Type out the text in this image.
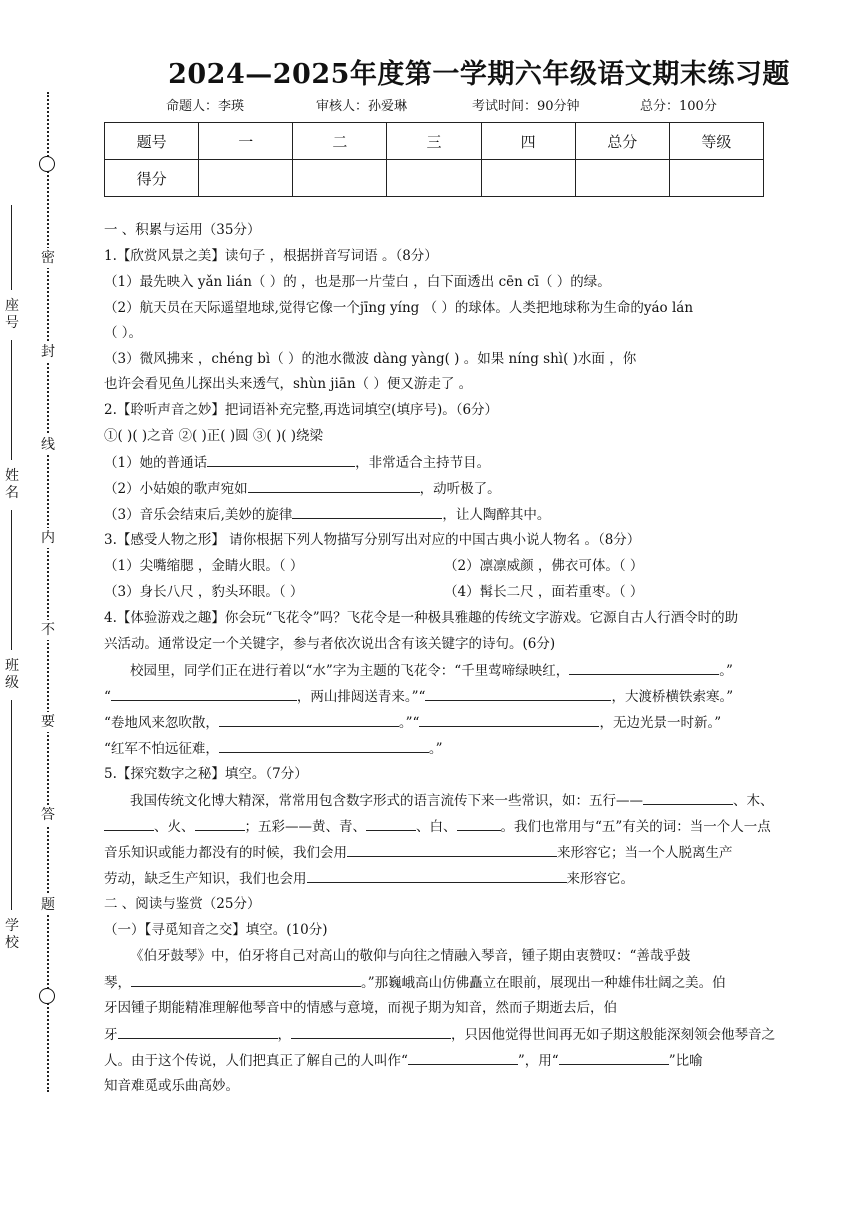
密
封
线
内
不
要
答
题
座号
姓名
班级
学校
2024—2025年度第一学期六年级语文期末练习题
命题人：李瑛	审核人：孙爱琳	考试时间：90分钟	总分：100分
题号	一	二	三	四	总分	等级
得分						
一 、积累与运用（35分）
1.【欣赏风景之美】读句子 ，根据拼音写词语 。（8分）
（1）最先映入 yǎn lián（ ）的 ，也是那一片莹白 ，白下面透出 cēn cī（ ）的绿。
（2）航天员在天际遥望地球,觉得它像一个jīng yíng （ ）的球体。人类把地球称为生命的yáo lán
（ ）。
（3）微风拂来 ，chéng bì（ ）的池水微波 dàng yàng( ) 。如果 níng shì( )水面 ，你
也许会看见鱼儿探出头来透气，shùn jiān（ ）便又游走了 。
2.【聆听声音之妙】把词语补充完整,再选词填空(填序号)。（6分）
①( )( )之音 ②( )正( )圆 ③( )( )绕梁
（1）她的普通话	，非常适合主持节目。
（2）小姑娘的歌声宛如	，动听极了。
（3）音乐会结束后,美妙的旋律	，让人陶醉其中。
3.【感受人物之形】 请你根据下列人物描写分别写出对应的中国古典小说人物名 。（8分）
（1）尖嘴缩腮 ，金睛火眼。（ ）	（2）凛凛威颜 ，佛衣可体。（ ）
（3）身长八尺 ，豹头环眼。（ ）	（4）髯长二尺 ，面若重枣。（ ）
4.【体验游戏之趣】你会玩“飞花令”吗？飞花令是一种极具雅趣的传统文字游戏。它源自古人行酒令时的助
兴活动。通常设定一个关键字，参与者依次说出含有该关键字的诗句。(6分)
校园里，同学们正在进行着以“水”字为主题的飞花令：“千里莺啼绿映红，	。”
“	，两山排闼送青来。”“	，大渡桥横铁索寒。”
“卷地风来忽吹散，	。”“	，无边光景一时新。”
“红军不怕远征难，	。”
5.【探究数字之秘】填空。（7分）
我国传统文化博大精深，常常用包含数字形式的语言流传下来一些常识，如：五行——	、木、
、火、	；五彩——黄、青、	、白、	。我们也常用与“五”有关的词：当一个人一点
音乐知识或能力都没有的时候，我们会用	来形容它；当一个人脱离生产
劳动，缺乏生产知识，我们也会用	来形容它。
二 、阅读与鉴赏（25分）
（一）【寻觅知音之交】填空。(10分)
《伯牙鼓琴》中，伯牙将自己对高山的敬仰与向往之情融入琴音，锺子期由衷赞叹：“善哉乎鼓
琴，	。”那巍峨高山仿佛矗立在眼前，展现出一种雄伟壮阔之美。伯
牙因锺子期能精准理解他琴音中的情感与意境，而视子期为知音，然而子期逝去后，伯
牙	，	，只因他觉得世间再无如子期这般能深刻领会他琴音之
人。由于这个传说，人们把真正了解自己的人叫作“	”，用“	”比喻
知音难觅或乐曲高妙。
